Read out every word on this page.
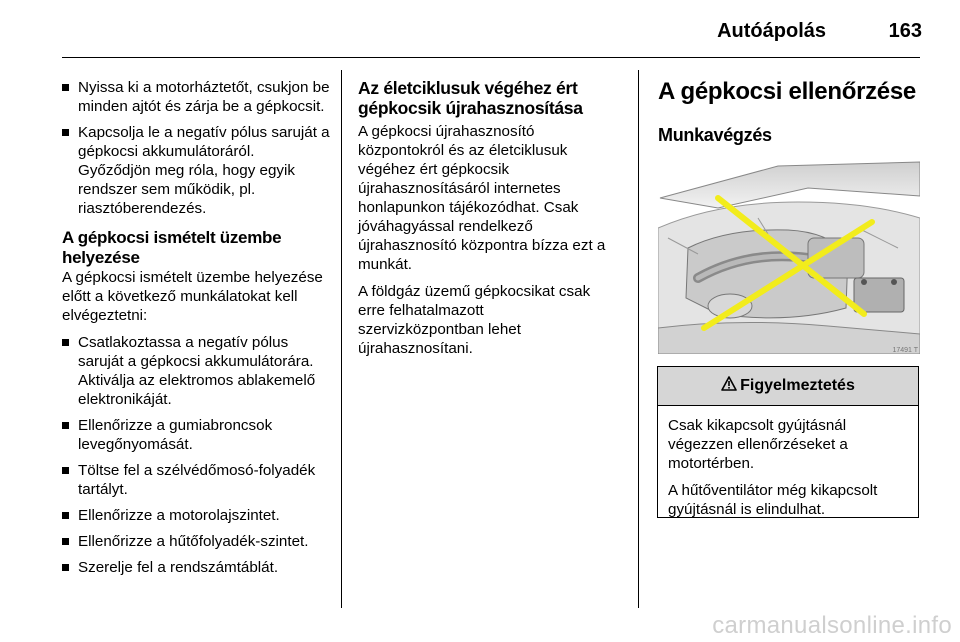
Autóápolás	163
Nyissa ki a motorháztetőt, csukjon be minden ajtót és zárja be a gépkocsit.
Kapcsolja le a negatív pólus saruját a gépkocsi akkumulátoráról. Győződjön meg róla, hogy egyik rendszer sem működik, pl. riasztóberendezés.
A gépkocsi ismételt üzembe helyezése

A gépkocsi ismételt üzembe helyezése előtt a következő munkálatokat kell elvégeztetni:

Csatlakoztassa a negatív pólus saruját a gépkocsi akkumulátorára. Aktiválja az elektromos ablakemelő elektronikáját.
Ellenőrizze a gumiabroncsok levegőnyomását.
Töltse fel a szélvédőmosó-folyadék tartályt.
Ellenőrizze a motorolajszintet.
Ellenőrizze a hűtőfolyadék-szintet.
Szerelje fel a rendszámtáblát.
Az életciklusuk végéhez ért gépkocsik újrahasznosítása

A gépkocsi újrahasznosító központokról és az életciklusuk végéhez ért gépkocsik újrahasznosításáról internetes honlapunkon tájékozódhat. Csak jóváhagyással rendelkező újrahasznosító központra bízza ezt a munkát.

A földgáz üzemű gépkocsikat csak erre felhatalmazott szervizközpontban lehet újrahasznosítani.

A gépkocsi ellenőrzése
Munkavégzés
17491 T
Figyelmeztetés

Csak kikapcsolt gyújtásnál végezzen ellenőrzéseket a motortérben.

A hűtőventilátor még kikapcsolt gyújtásnál is elindulhat.

carmanualsonline.info
